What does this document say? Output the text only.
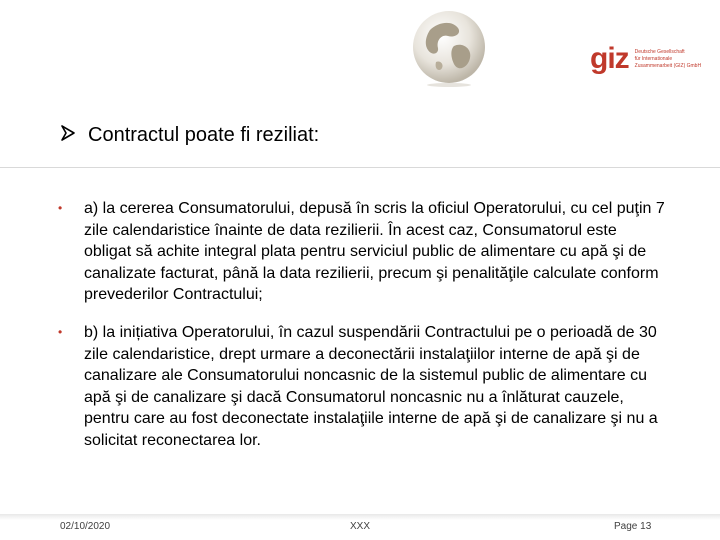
giz Deutsche Gesellschaft
für Internationale
Zusammenarbeit (GIZ) GmbH
Contractul poate fi reziliat:
•	a) la cererea Consumatorului, depusă în scris la oficiul Operatorului, cu cel puţin 7 zile calendaristice înainte de data rezilierii. În acest caz, Consumatorul este obligat să achite integral plata pentru serviciul public de alimentare cu apă şi de canalizate facturat, până la data rezilierii, precum şi penalităţile calculate conform prevederilor Contractului;
•	b) la inițiativa Operatorului, în cazul suspendării Contractului pe o perioadă de 30 zile calendaristice, drept urmare a deconectării instalaţiilor interne de apă şi de canalizare ale Consumatorului noncasnic de la sistemul public de alimentare cu apă şi de canalizare şi dacă Consumatorul noncasnic nu a înlăturat cauzele, pentru care au fost deconectate instalaţiile interne de apă şi de canalizare şi nu a solicitat reconectarea lor.
02/10/2020	XXX	Page 13
